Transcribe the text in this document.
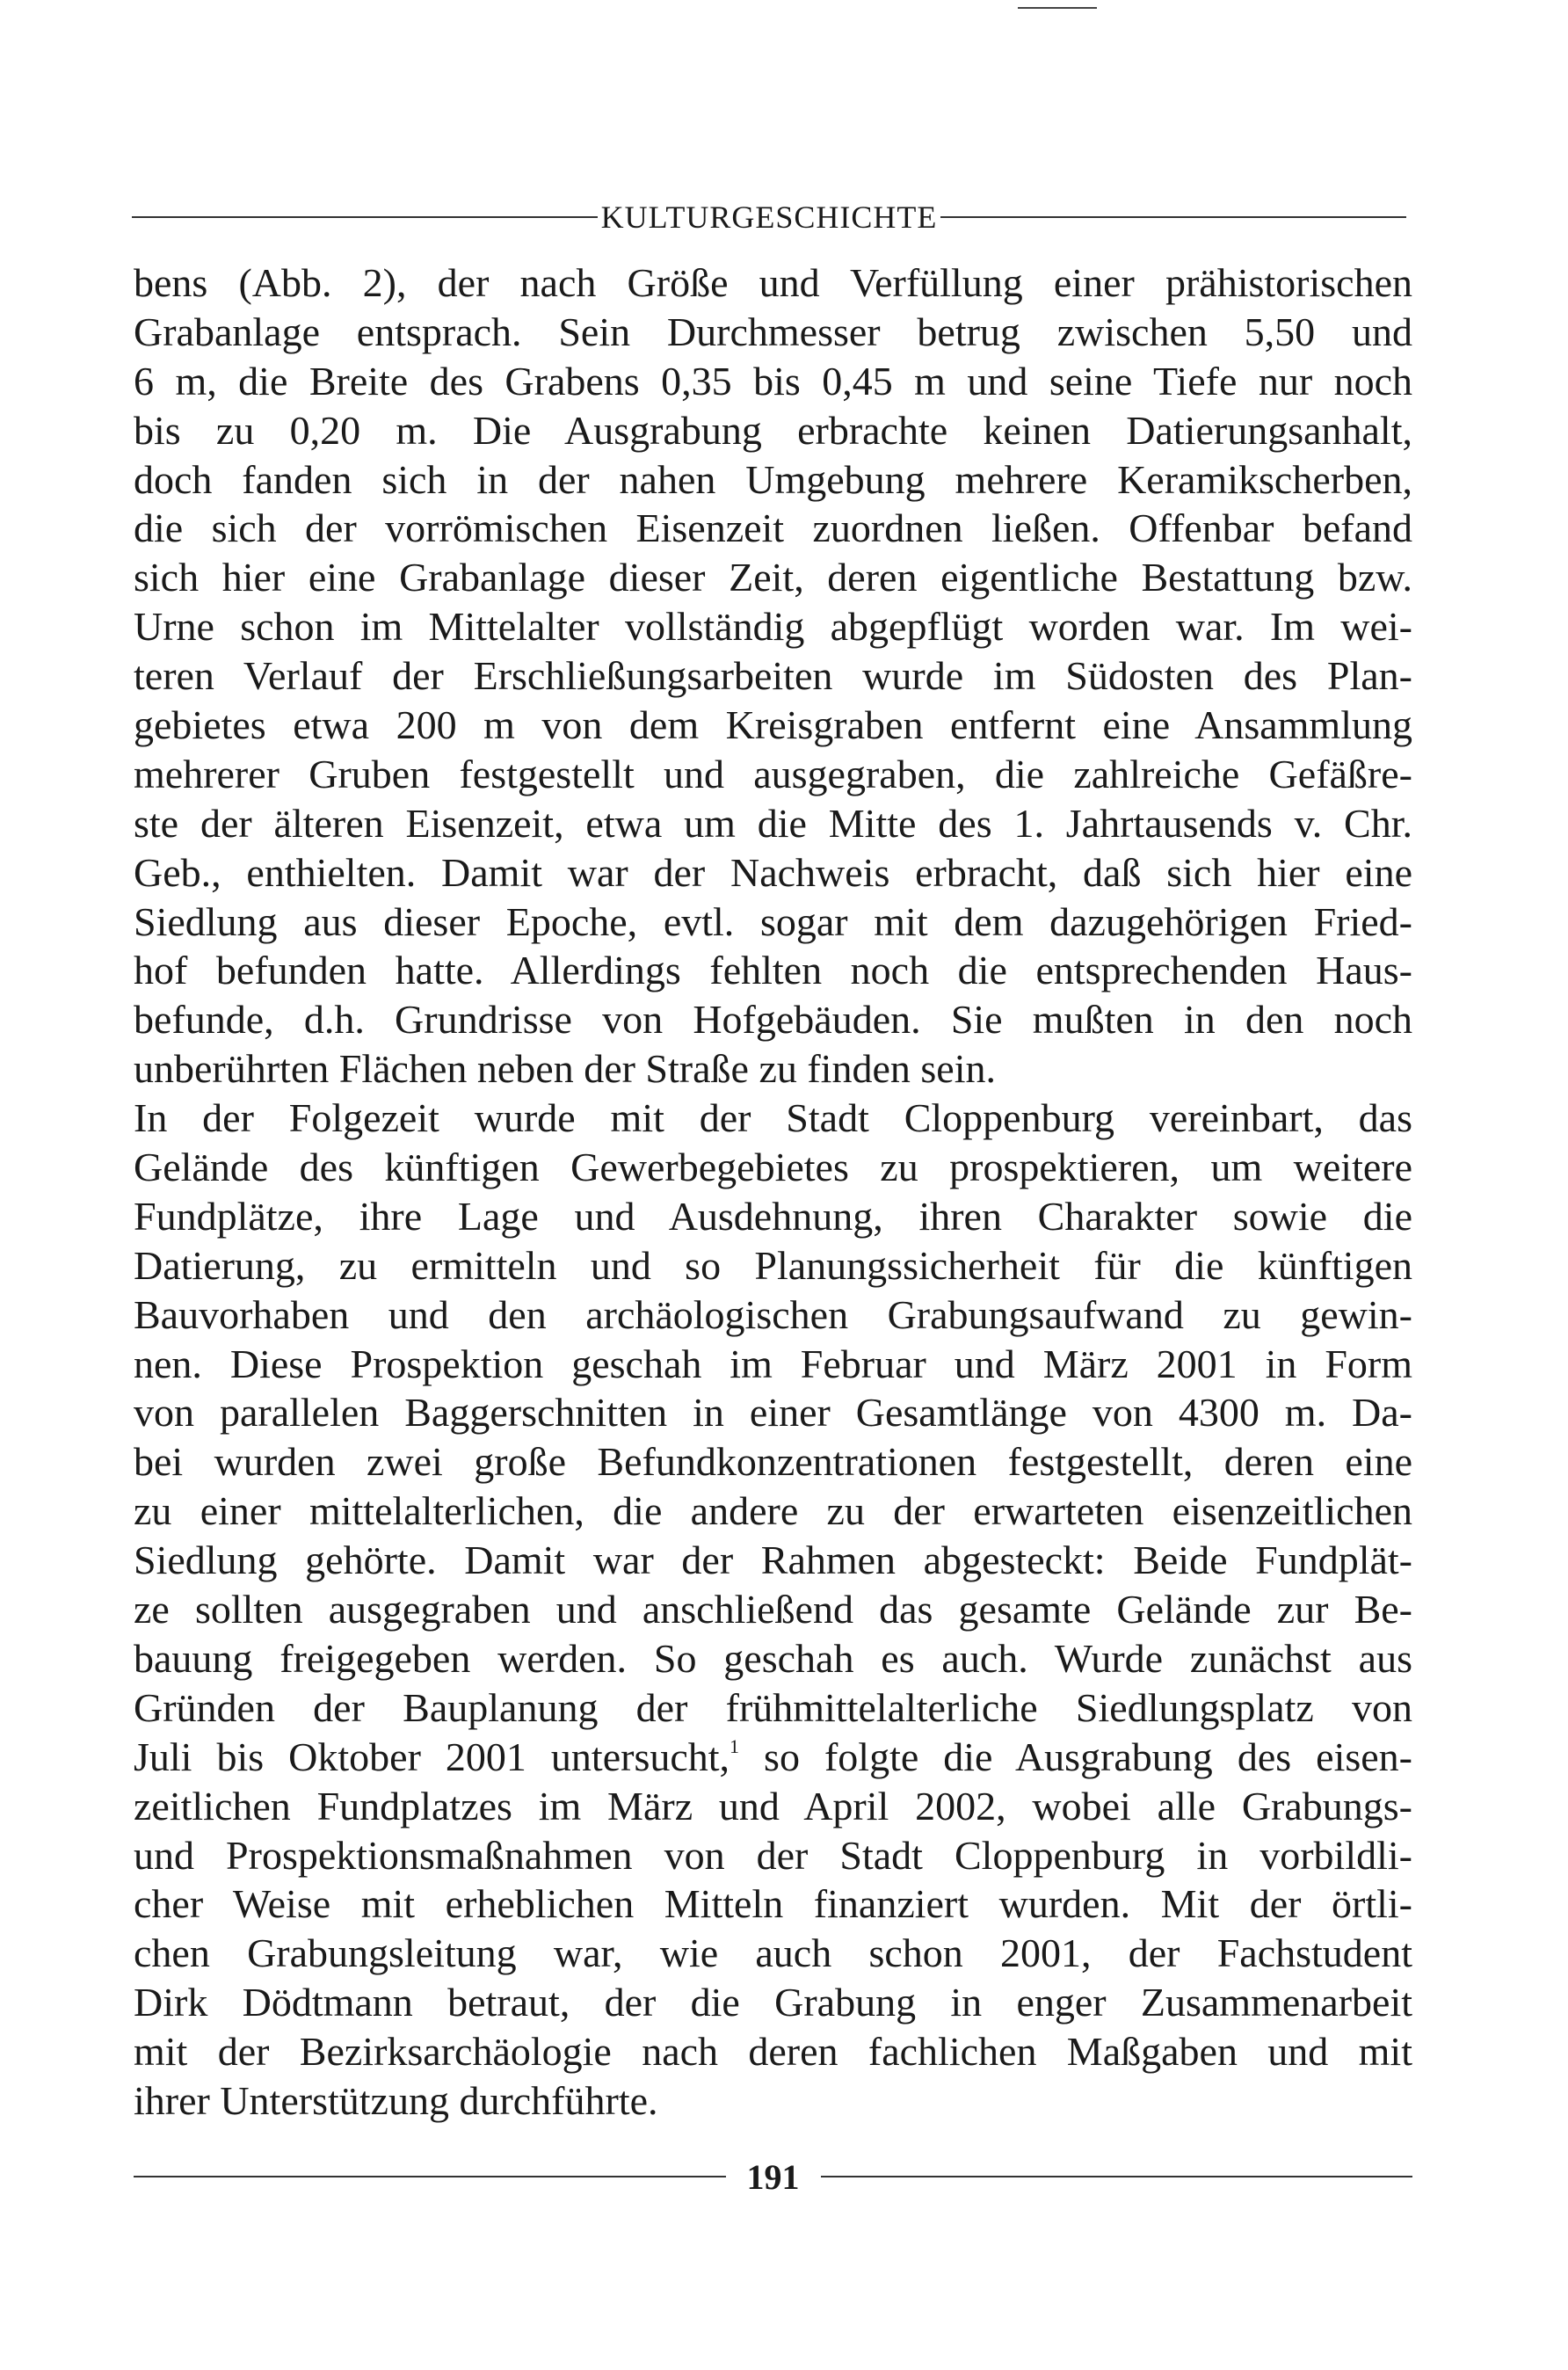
KULTURGESCHICHTE
bens (Abb. 2), der nach Größe und Verfüllung einer prähistorischen
Grabanlage entsprach. Sein Durchmesser betrug zwischen 5,50 und
6 m, die Breite des Grabens 0,35 bis 0,45 m und seine Tiefe nur noch
bis zu 0,20 m. Die Ausgrabung erbrachte keinen Datierungsanhalt,
doch fanden sich in der nahen Umgebung mehrere Keramikscherben,
die sich der vorrömischen Eisenzeit zuordnen ließen. Offenbar befand
sich hier eine Grabanlage dieser Zeit, deren eigentliche Bestattung bzw.
Urne schon im Mittelalter vollständig abgepflügt worden war. Im wei-
teren Verlauf der Erschließungsarbeiten wurde im Südosten des Plan-
gebietes etwa 200 m von dem Kreisgraben entfernt eine Ansammlung
mehrerer Gruben festgestellt und ausgegraben, die zahlreiche Gefäßre-
ste der älteren Eisenzeit, etwa um die Mitte des 1. Jahrtausends v. Chr.
Geb., enthielten. Damit war der Nachweis erbracht, daß sich hier eine
Siedlung aus dieser Epoche, evtl. sogar mit dem dazugehörigen Fried-
hof befunden hatte. Allerdings fehlten noch die entsprechenden Haus-
befunde, d.h. Grundrisse von Hofgebäuden. Sie mußten in den noch
unberührten Flächen neben der Straße zu finden sein.
In der Folgezeit wurde mit der Stadt Cloppenburg vereinbart, das
Gelände des künftigen Gewerbegebietes zu prospektieren, um weitere
Fundplätze, ihre Lage und Ausdehnung, ihren Charakter sowie die
Datierung, zu ermitteln und so Planungssicherheit für die künftigen
Bauvorhaben und den archäologischen Grabungsaufwand zu gewin-
nen. Diese Prospektion geschah im Februar und März 2001 in Form
von parallelen Baggerschnitten in einer Gesamtlänge von 4300 m. Da-
bei wurden zwei große Befundkonzentrationen festgestellt, deren eine
zu einer mittelalterlichen, die andere zu der erwarteten eisenzeitlichen
Siedlung gehörte. Damit war der Rahmen abgesteckt: Beide Fundplät-
ze sollten ausgegraben und anschließend das gesamte Gelände zur Be-
bauung freigegeben werden. So geschah es auch. Wurde zunächst aus
Gründen der Bauplanung der frühmittelalterliche Siedlungsplatz von
Juli bis Oktober 2001 untersucht,$^1$ so folgte die Ausgrabung des eisen-
zeitlichen Fundplatzes im März und April 2002, wobei alle Grabungs-
und Prospektionsmaßnahmen von der Stadt Cloppenburg in vorbildli-
cher Weise mit erheblichen Mitteln finanziert wurden. Mit der örtli-
chen Grabungsleitung war, wie auch schon 2001, der Fachstudent
Dirk Dödtmann betraut, der die Grabung in enger Zusammenarbeit
mit der Bezirksarchäologie nach deren fachlichen Maßgaben und mit
ihrer Unterstützung durchführte.
191
